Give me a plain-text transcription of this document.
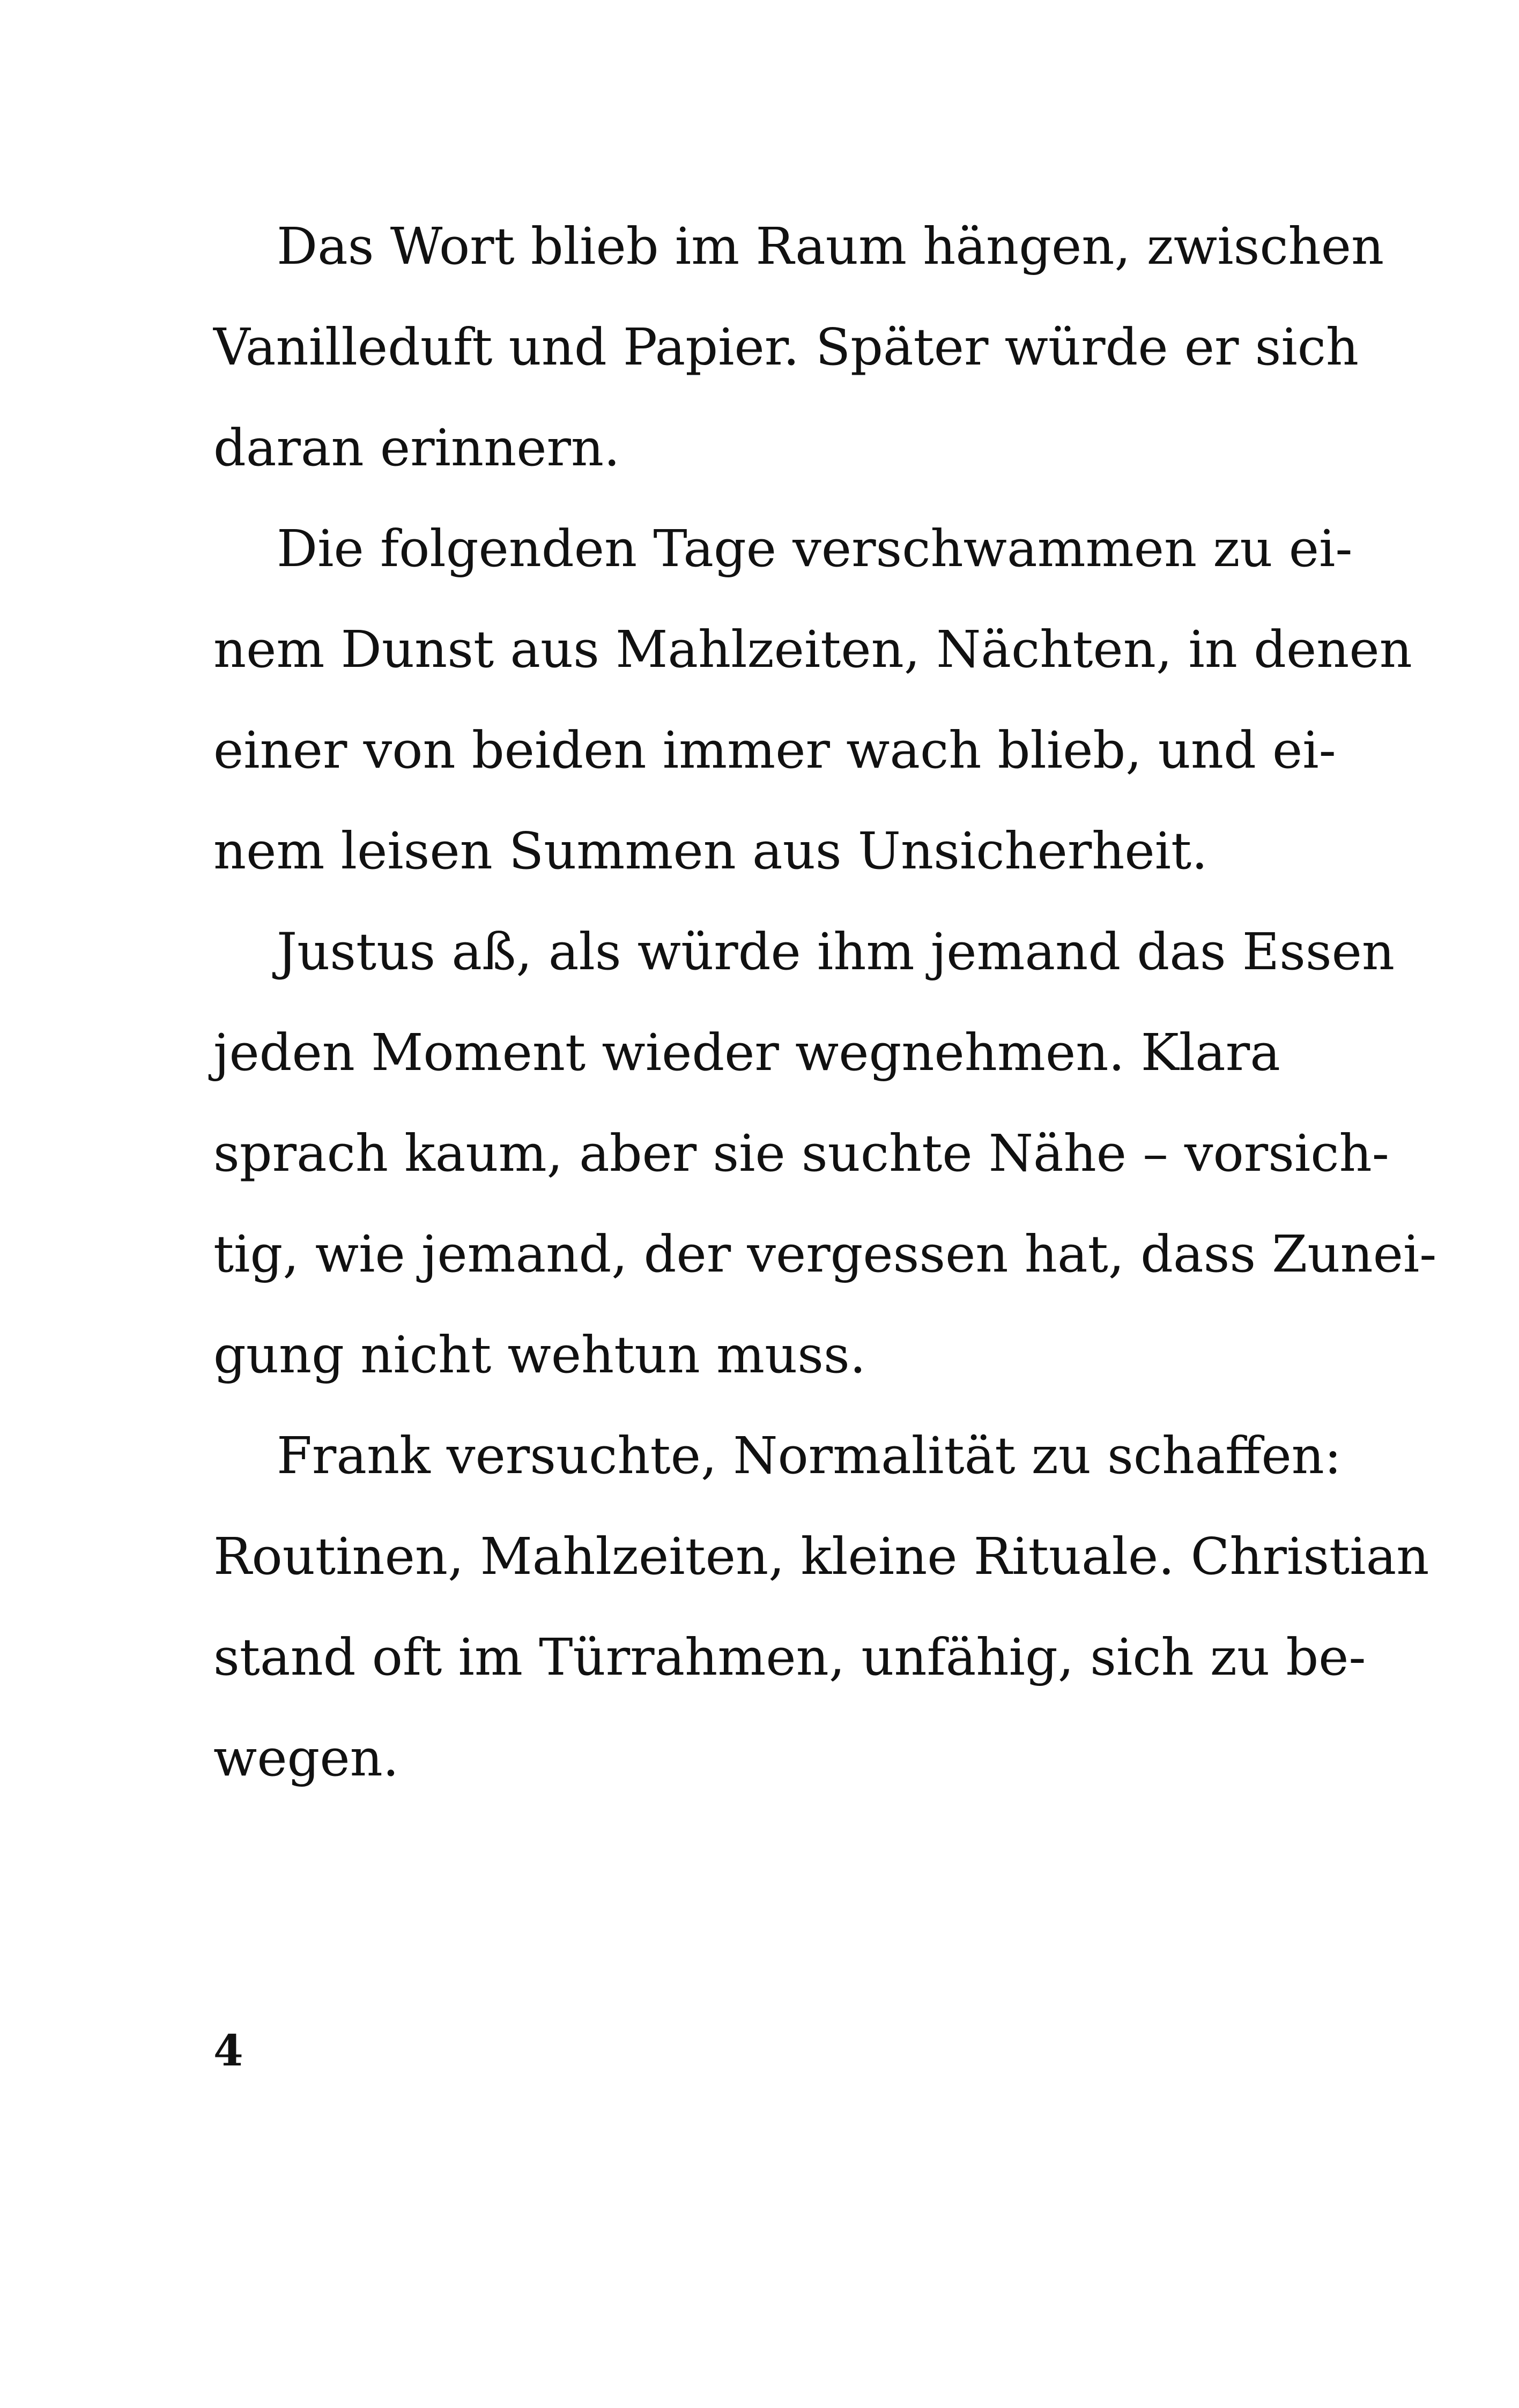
Das Wort blieb im Raum hängen, zwischen
Vanilleduft und Papier. Später würde er sich
daran erinnern.
Die folgenden Tage verschwammen zu ei-
nem Dunst aus Mahlzeiten, Nächten, in denen
einer von beiden immer wach blieb, und ei-
nem leisen Summen aus Unsicherheit.
Justus aß, als würde ihm jemand das Essen
jeden Moment wieder wegnehmen. Klara
sprach kaum, aber sie suchte Nähe – vorsich-
tig, wie jemand, der vergessen hat, dass Zunei-
gung nicht wehtun muss.
Frank versuchte, Normalität zu schaffen:
Routinen, Mahlzeiten, kleine Rituale. Christian
stand oft im Türrahmen, unfähig, sich zu be-
wegen.
4
